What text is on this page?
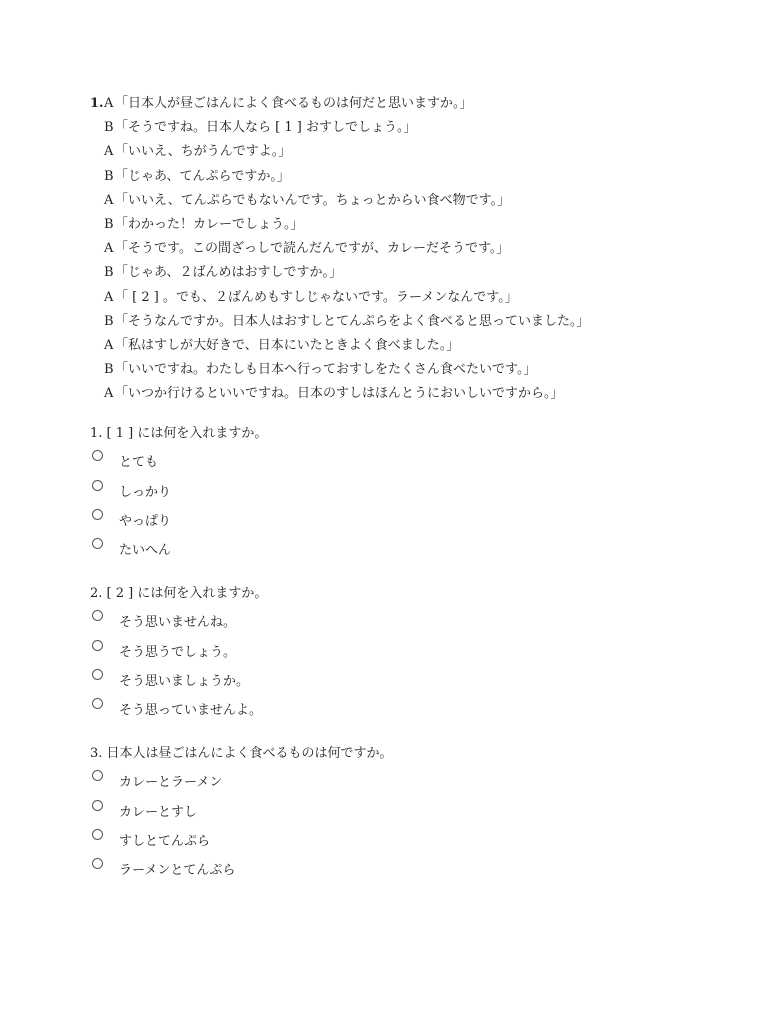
1. A 「日本人が昼ごはんによく食べるものは何だと思いますか。」
B 「そうですね。日本人なら [ 1 ] おすしでしょう。」
A 「いいえ、ちがうんですよ。」
B 「じゃあ、てんぷらですか。」
A 「いいえ、てんぷらでもないんです。ちょっとからい食べ物です。」
B 「わかった！カレーでしょう。」
A 「そうです。この間ざっしで読んだんですが、カレーだそうです。」
B 「じゃあ、２ばんめはおすしですか。」
A 「 [ 2 ] 。でも、２ばんめもすしじゃないです。ラーメンなんです。」
B 「そうなんですか。日本人はおすしとてんぷらをよく食べると思っていました。」
A 「私はすしが大好きで、日本にいたときよく食べました。」
B 「いいですね。わたしも日本へ行っておすしをたくさん食べたいです。」
A 「いつか行けるといいですね。日本のすしはほんとうにおいしいですから。」
1. [ 1 ] には何を入れますか。
とても
しっかり
やっぱり
たいへん
2. [ 2 ] には何を入れますか。
そう思いませんね。
そう思うでしょう。
そう思いましょうか。
そう思っていませんよ。
3. 日本人は昼ごはんによく食べるものは何ですか。
カレーとラーメン
カレーとすし
すしとてんぷら
ラーメンとてんぷら
